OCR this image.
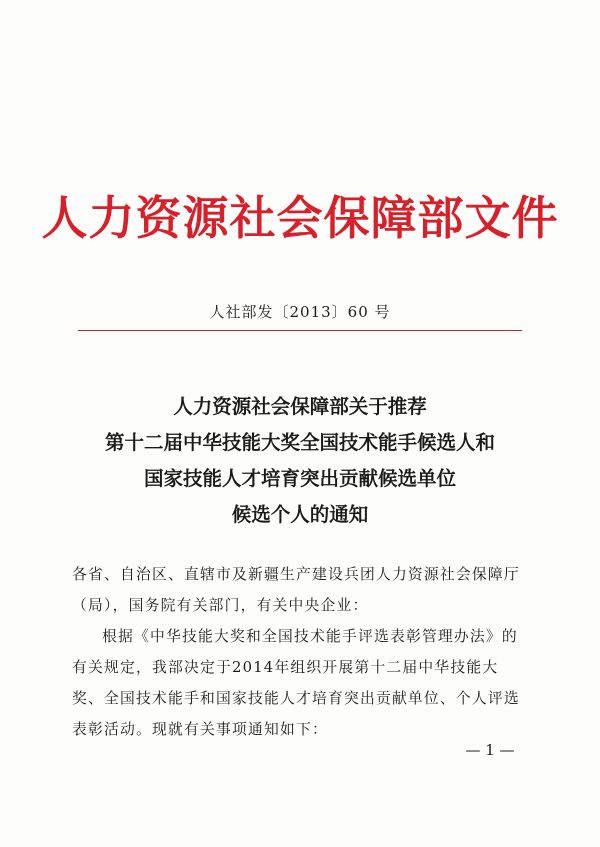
人力资源社会保障部文件
人社部发〔2013〕60 号
人力资源社会保障部关于推荐
第十二届中华技能大奖全国技术能手候选人和
国家技能人才培育突出贡献候选单位
候选个人的通知

各省、自治区、直辖市及新疆生产建设兵团人力资源社会保障厅（局），国务院有关部门，有关中央企业：

根据《中华技能大奖和全国技术能手评选表彰管理办法》的有关规定，我部决定于2014年组织开展第十二届中华技能大奖、全国技术能手和国家技能人才培育突出贡献单位、个人评选表彰活动。现就有关事项通知如下：

— 1 —
